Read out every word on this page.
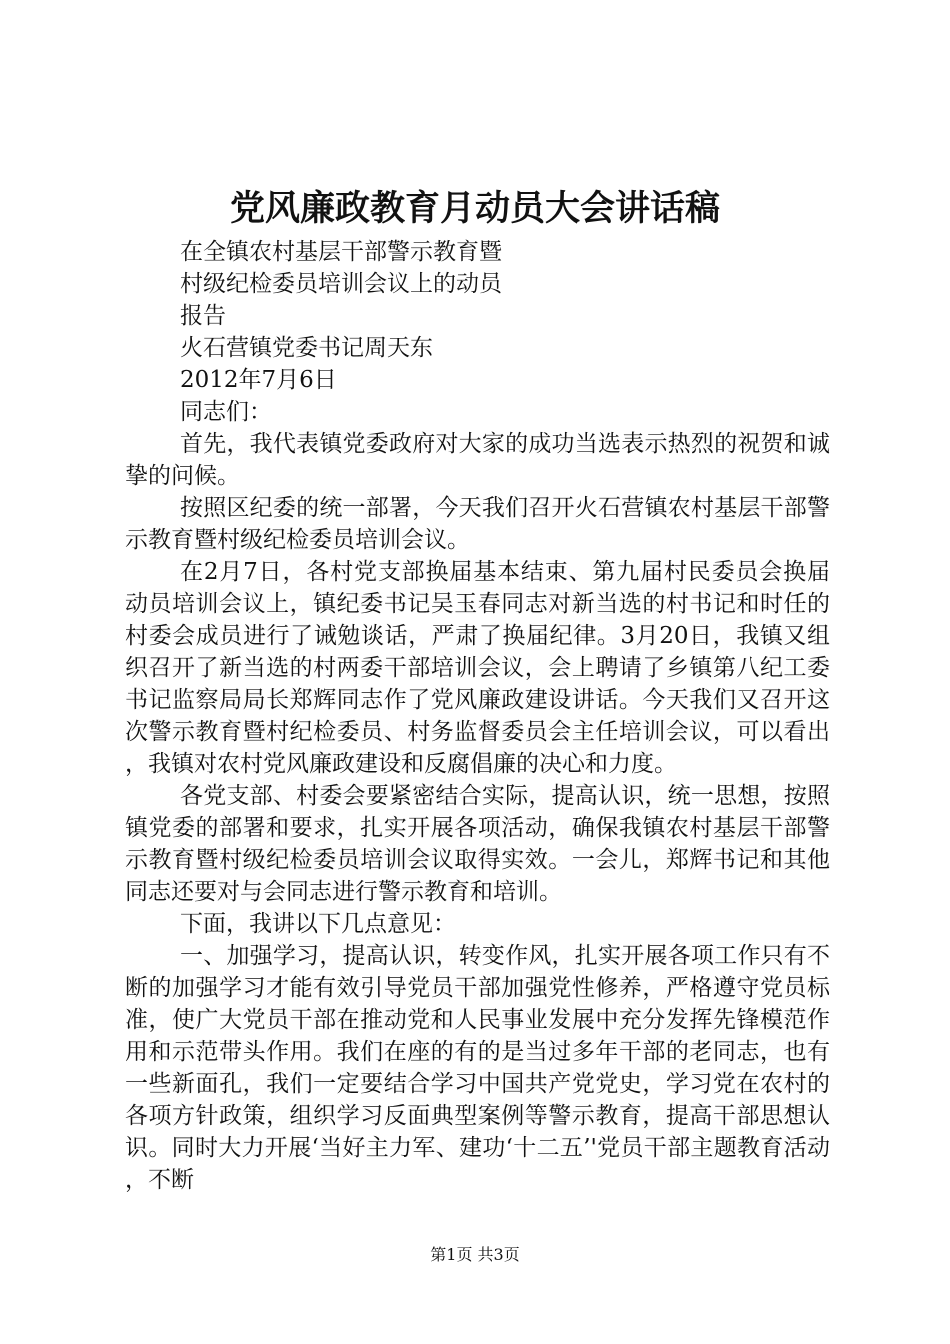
党风廉政教育月动员大会讲话稿

在全镇农村基层干部警示教育暨

村级纪检委员培训会议上的动员

报告

火石营镇党委书记周天东

2012年7月6日

同志们：

首先，我代表镇党委政府对大家的成功当选表示热烈的祝贺和诚挚的问候。

按照区纪委的统一部署，今天我们召开火石营镇农村基层干部警示教育暨村级纪检委员培训会议。

在2月7日，各村党支部换届基本结束、第九届村民委员会换届动员培训会议上，镇纪委书记吴玉春同志对新当选的村书记和时任的村委会成员进行了诫勉谈话，严肃了换届纪律。3月20日，我镇又组织召开了新当选的村两委干部培训会议，会上聘请了乡镇第八纪工委书记监察局局长郑辉同志作了党风廉政建设讲话。今天我们又召开这次警示教育暨村纪检委员、村务监督委员会主任培训会议，可以看出，我镇对农村党风廉政建设和反腐倡廉的决心和力度。

各党支部、村委会要紧密结合实际，提高认识，统一思想，按照镇党委的部署和要求，扎实开展各项活动，确保我镇农村基层干部警示教育暨村级纪检委员培训会议取得实效。一会儿，郑辉书记和其他同志还要对与会同志进行警示教育和培训。

下面，我讲以下几点意见：

一、加强学习，提高认识，转变作风，扎实开展各项工作只有不断的加强学习才能有效引导党员干部加强党性修养，严格遵守党员标准，使广大党员干部在推动党和人民事业发展中充分发挥先锋模范作用和示范带头作用。我们在座的有的是当过多年干部的老同志，也有一些新面孔，我们一定要结合学习中国共产党党史，学习党在农村的各项方针政策，组织学习反面典型案例等警示教育，提高干部思想认识。同时大力开展‘当好主力军、建功‘十二五’'党员干部主题教育活动，不断

第1页 共3页
